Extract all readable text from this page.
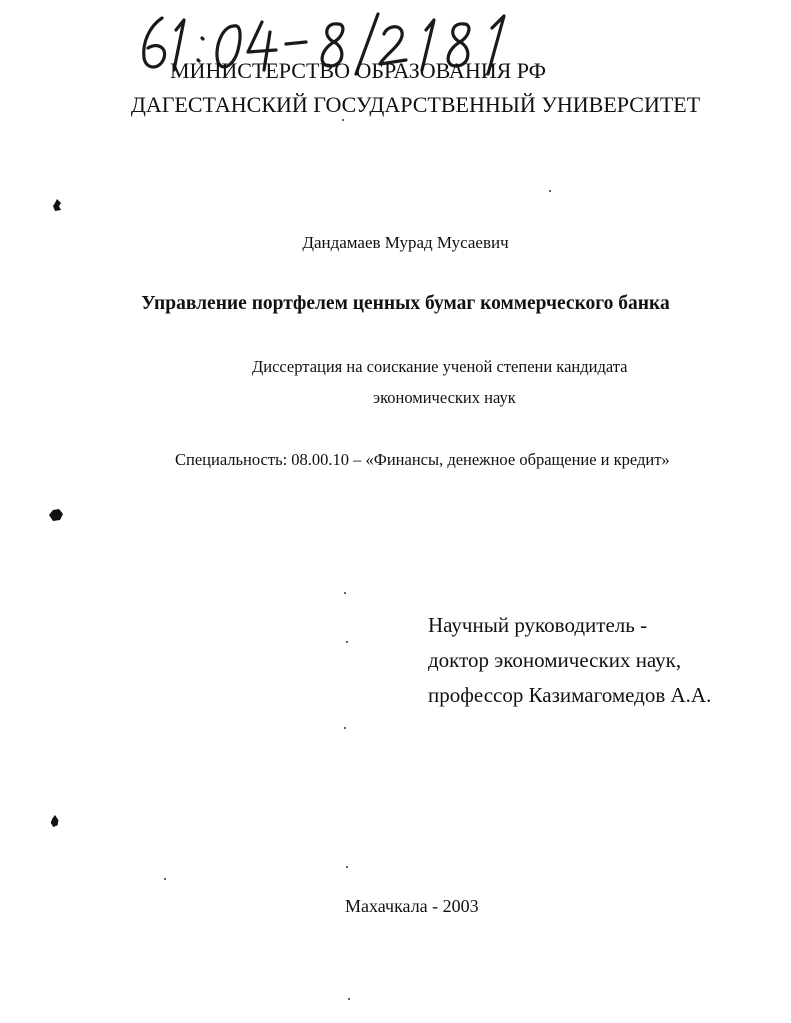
МИНИСТЕРСТВО ОБРАЗОВАНИЯ РФ
ДАГЕСТАНСКИЙ ГОСУДАРСТВЕННЫЙ УНИВЕРСИТЕТ
Дандамаев Мурад Мусаевич
Управление портфелем ценных бумаг коммерческого банка
Диссертация на соискание ученой степени кандидата
экономических наук
Специальность: 08.00.10 – «Финансы, денежное обращение и кредит»
Научный руководитель -
доктор экономических наук,
профессор Казимагомедов А.А.
Махачкала - 2003
